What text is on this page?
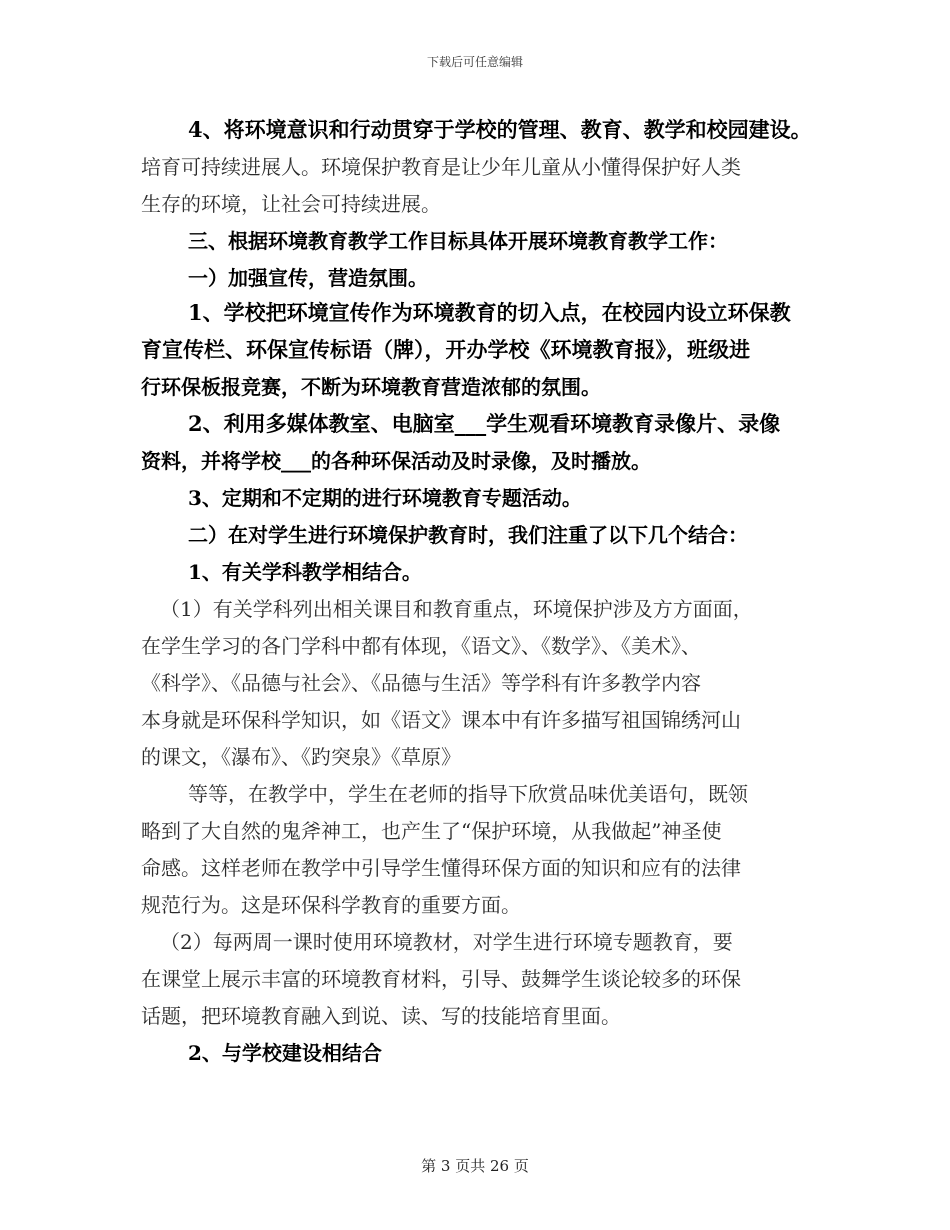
下载后可任意编辑
4、将环境意识和行动贯穿于学校的管理、教育、教学和校园建设。
培育可持续进展人。环境保护教育是让少年儿童从小懂得保护好人类
生存的环境，让社会可持续进展。
三、根据环境教育教学工作目标具体开展环境教育教学工作：
一）加强宣传，营造氛围。
1、学校把环境宣传作为环境教育的切入点，在校园内设立环保教
育宣传栏、环保宣传标语（牌），开办学校《环境教育报》，班级进
行环保板报竞赛，不断为环境教育营造浓郁的氛围。
2、利用多媒体教室、电脑室___学生观看环境教育录像片、录像
资料，并将学校___的各种环保活动及时录像，及时播放。
3、定期和不定期的进行环境教育专题活动。
二）在对学生进行环境保护教育时，我们注重了以下几个结合：
1、有关学科教学相结合。
（1）有关学科列出相关课目和教育重点，环境保护涉及方方面面，
在学生学习的各门学科中都有体现，《语文》、《数学》、《美术》、
《科学》、《品德与社会》、《品德与生活》等学科有许多教学内容
本身就是环保科学知识，如《语文》课本中有许多描写祖国锦绣河山
的课文，《瀑布》、《趵突泉》《草原》
等等，在教学中，学生在老师的指导下欣赏品味优美语句，既领
略到了大自然的鬼斧神工，也产生了“保护环境，从我做起”神圣使
命感。这样老师在教学中引导学生懂得环保方面的知识和应有的法律
规范行为。这是环保科学教育的重要方面。
（2）每两周一课时使用环境教材，对学生进行环境专题教育，要
在课堂上展示丰富的环境教育材料，引导、鼓舞学生谈论较多的环保
话题，把环境教育融入到说、读、写的技能培育里面。
2、与学校建设相结合
第 3 页共 26 页
